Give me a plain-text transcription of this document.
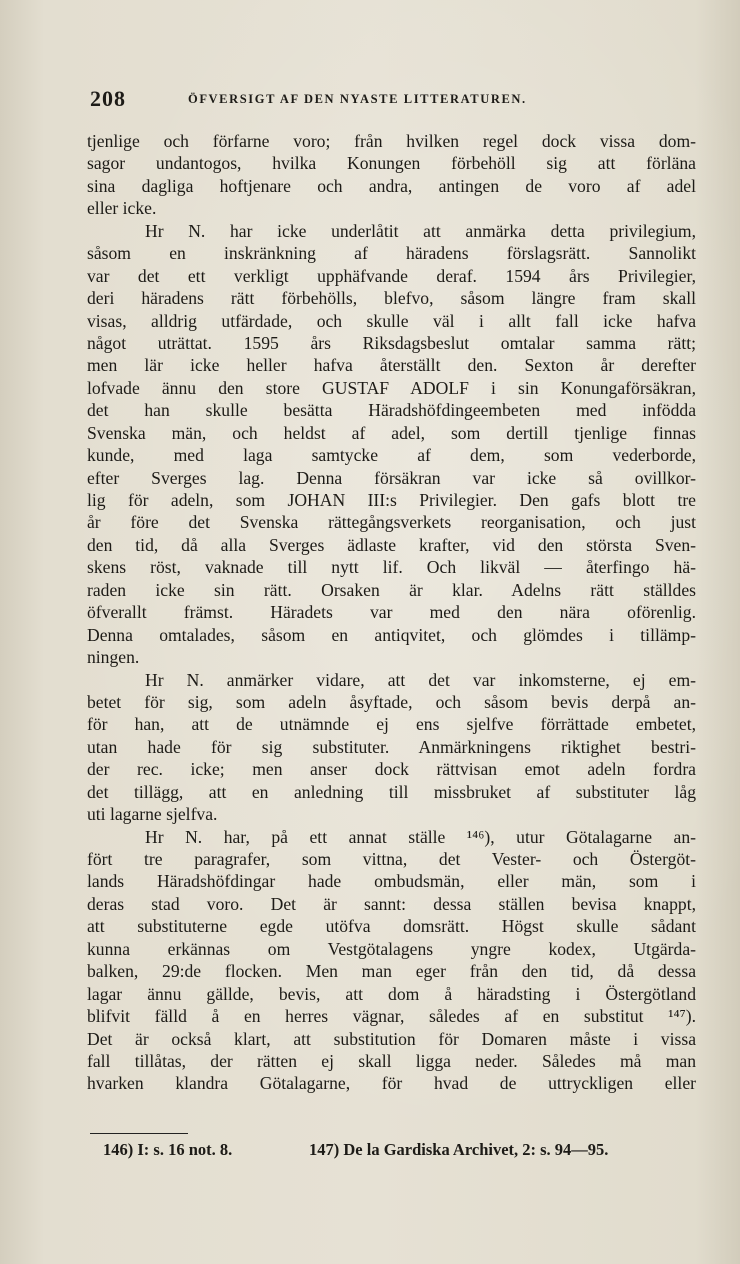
208	ÖFVERSIGT AF DEN NYASTE LITTERATUREN.
tjenlige och förfarne voro; från hvilken regel dock vissa dom-
sagor undantogos, hvilka Konungen förbehöll sig att förläna
sina dagliga hoftjenare och andra, antingen de voro af adel
eller icke.
Hr N. har icke underlåtit att anmärka detta privilegium,
såsom en inskränkning af häradens förslagsrätt. Sannolikt
var det ett verkligt upphäfvande deraf. 1594 års Privilegier,
deri häradens rätt förbehölls, blefvo, såsom längre fram skall
visas, alldrig utfärdade, och skulle väl i allt fall icke hafva
något uträttat. 1595 års Riksdagsbeslut omtalar samma rätt;
men lär icke heller hafva återställt den. Sexton år derefter
lofvade ännu den store GUSTAF ADOLF i sin Konungaförsäkran,
det han skulle besätta Häradshöfdingeembeten med infödda
Svenska män, och heldst af adel, som dertill tjenlige finnas
kunde, med laga samtycke af dem, som vederborde,
efter Sverges lag. Denna försäkran var icke så ovillkor-
lig för adeln, som JOHAN III:s Privilegier. Den gafs blott tre
år före det Svenska rättegångsverkets reorganisation, och just
den tid, då alla Sverges ädlaste krafter, vid den största Sven-
skens röst, vaknade till nytt lif. Och likväl — återfingo hä-
raden icke sin rätt. Orsaken är klar. Adelns rätt ställdes
öfverallt främst. Häradets var med den nära oförenlig.
Denna omtalades, såsom en antiqvitet, och glömdes i tillämp-
ningen.
Hr N. anmärker vidare, att det var inkomsterne, ej em-
betet för sig, som adeln åsyftade, och såsom bevis derpå an-
för han, att de utnämnde ej ens sjelfve förrättade embetet,
utan hade för sig substituter. Anmärkningens riktighet bestri-
der rec. icke; men anser dock rättvisan emot adeln fordra
det tillägg, att en anledning till missbruket af substituter låg
uti lagarne sjelfva.
Hr N. har, på ett annat ställe ¹⁴⁶), utur Götalagarne an-
fört tre paragrafer, som vittna, det Vester- och Östergöt-
lands Häradshöfdingar hade ombudsmän, eller män, som i
deras stad voro. Det är sannt: dessa ställen bevisa knappt,
att substituterne egde utöfva domsrätt. Högst skulle sådant
kunna erkännas om Vestgötalagens yngre kodex, Utgärda-
balken, 29:de flocken. Men man eger från den tid, då dessa
lagar ännu gällde, bevis, att dom å häradsting i Östergötland
blifvit fälld å en herres vägnar, således af en substitut ¹⁴⁷).
Det är också klart, att substitution för Domaren måste i vissa
fall tillåtas, der rätten ej skall ligga neder. Således må man
hvarken klandra Götalagarne, för hvad de uttryckligen eller
146) I: s. 16 not. 8.	147) De la Gardiska Archivet, 2: s. 94—95.
